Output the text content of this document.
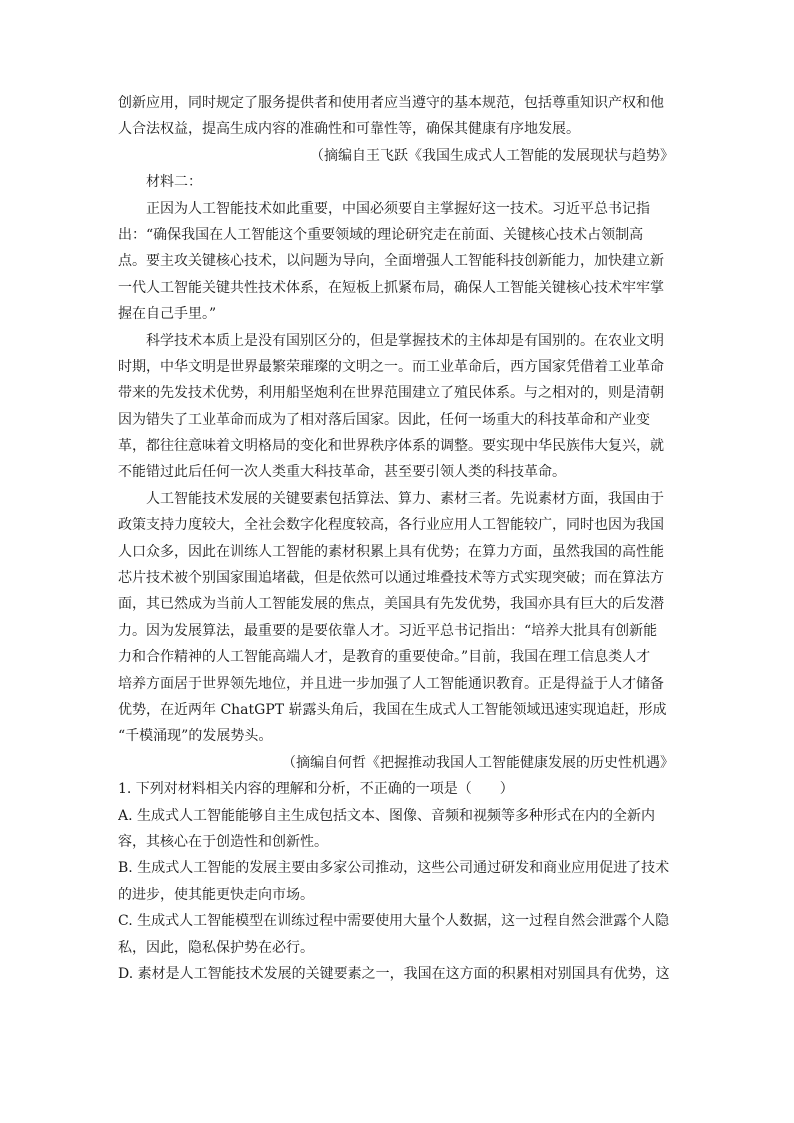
创新应用，同时规定了服务提供者和使用者应当遵守的基本规范，包括尊重知识产权和他
人合法权益，提高生成内容的准确性和可靠性等，确保其健康有序地发展。
（摘编自王飞跃《我国生成式人工智能的发展现状与趋势》
材料二：
正因为人工智能技术如此重要，中国必须要自主掌握好这一技术。习近平总书记指
出：“确保我国在人工智能这个重要领域的理论研究走在前面、关键核心技术占领制高
点。要主攻关键核心技术，以问题为导向，全面增强人工智能科技创新能力，加快建立新
一代人工智能关键共性技术体系，在短板上抓紧布局，确保人工智能关键核心技术牢牢掌
握在自己手里。”
科学技术本质上是没有国别区分的，但是掌握技术的主体却是有国别的。在农业文明
时期，中华文明是世界最繁荣璀璨的文明之一。而工业革命后，西方国家凭借着工业革命
带来的先发技术优势，利用船坚炮利在世界范围建立了殖民体系。与之相对的，则是清朝
因为错失了工业革命而成为了相对落后国家。因此，任何一场重大的科技革命和产业变
革，都往往意味着文明格局的变化和世界秩序体系的调整。要实现中华民族伟大复兴，就
不能错过此后任何一次人类重大科技革命，甚至要引领人类的科技革命。
人工智能技术发展的关键要素包括算法、算力、素材三者。先说素材方面，我国由于
政策支持力度较大，全社会数字化程度较高，各行业应用人工智能较广，同时也因为我国
人口众多，因此在训练人工智能的素材积累上具有优势；在算力方面，虽然我国的高性能
芯片技术被个别国家围追堵截，但是依然可以通过堆叠技术等方式实现突破；而在算法方
面，其已然成为当前人工智能发展的焦点，美国具有先发优势，我国亦具有巨大的后发潜
力。因为发展算法，最重要的是要依靠人才。习近平总书记指出：“培养大批具有创新能
力和合作精神的人工智能高端人才，是教育的重要使命。”目前，我国在理工信息类人才
培养方面居于世界领先地位，并且进一步加强了人工智能通识教育。正是得益于人才储备
优势，在近两年 ChatGPT 崭露头角后，我国在生成式人工智能领域迅速实现追赶，形成
“千模涌现”的发展势头。
（摘编自何哲《把握推动我国人工智能健康发展的历史性机遇》
1. 下列对材料相关内容的理解和分析，不正确的一项是（　　）
A. 生成式人工智能能够自主生成包括文本、图像、音频和视频等多种形式在内的全新内
容，其核心在于创造性和创新性。
B. 生成式人工智能的发展主要由多家公司推动，这些公司通过研发和商业应用促进了技术
的进步，使其能更快走向市场。
C. 生成式人工智能模型在训练过程中需要使用大量个人数据，这一过程自然会泄露个人隐
私，因此，隐私保护势在必行。
D. 素材是人工智能技术发展的关键要素之一，我国在这方面的积累相对别国具有优势，这
